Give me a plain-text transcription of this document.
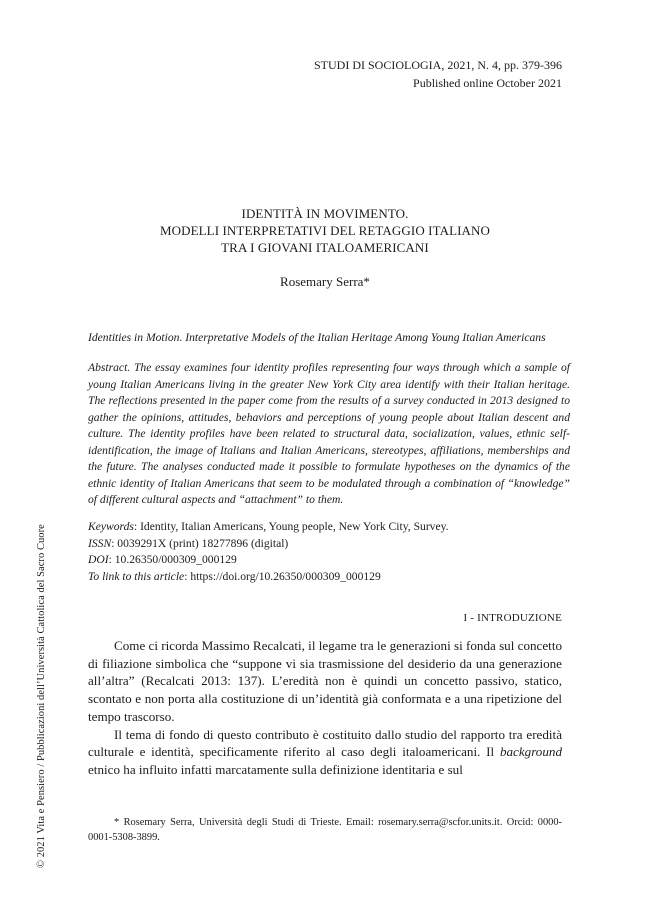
STUDI DI SOCIOLOGIA, 2021, N. 4, pp. 379-396
Published online October 2021
IDENTITÀ IN MOVIMENTO.
MODELLI INTERPRETATIVI DEL RETAGGIO ITALIANO
TRA I GIOVANI ITALOAMERICANI
Rosemary Serra*
Identities in Motion. Interpretative Models of the Italian Heritage Among Young Italian Americans
Abstract. The essay examines four identity profiles representing four ways through which a sample of young Italian Americans living in the greater New York City area identify with their Italian heritage. The reflections presented in the paper come from the results of a survey conducted in 2013 designed to gather the opinions, attitudes, behaviors and perceptions of young people about Italian descent and culture. The identity profiles have been related to structural data, socialization, values, ethnic self-identification, the image of Italians and Italian Americans, stereotypes, affiliations, memberships and the future. The analyses conducted made it possible to formulate hypotheses on the dynamics of the ethnic identity of Italian Americans that seem to be modulated through a combination of “knowledge” of different cultural aspects and “attachment” to them.
Keywords: Identity, Italian Americans, Young people, New York City, Survey.
ISSN: 0039291X (print) 18277896 (digital)
DOI: 10.26350/000309_000129
To link to this article: https://doi.org/10.26350/000309_000129
I - INTRODUZIONE

Come ci ricorda Massimo Recalcati, il legame tra le generazioni si fonda sul concetto di filiazione simbolica che “suppone vi sia trasmissione del desiderio da una generazione all’altra” (Recalcati 2013: 137). L’eredità non è quindi un concetto passivo, statico, scontato e non porta alla costituzione di un’identità già conformata e a una ripetizione del tempo trascorso.

Il tema di fondo di questo contributo è costituito dallo studio del rapporto tra eredità culturale e identità, specificamente riferito al caso degli italoamericani. Il background etnico ha influito infatti marcatamente sulla definizione identitaria e sul

* Rosemary Serra, Università degli Studi di Trieste. Email: rosemary.serra@scfor.units.it. Orcid: 0000-0001-5308-3899.
© 2021 Vita e Pensiero / Pubblicazioni dell’Università Cattolica del Sacro Cuore
